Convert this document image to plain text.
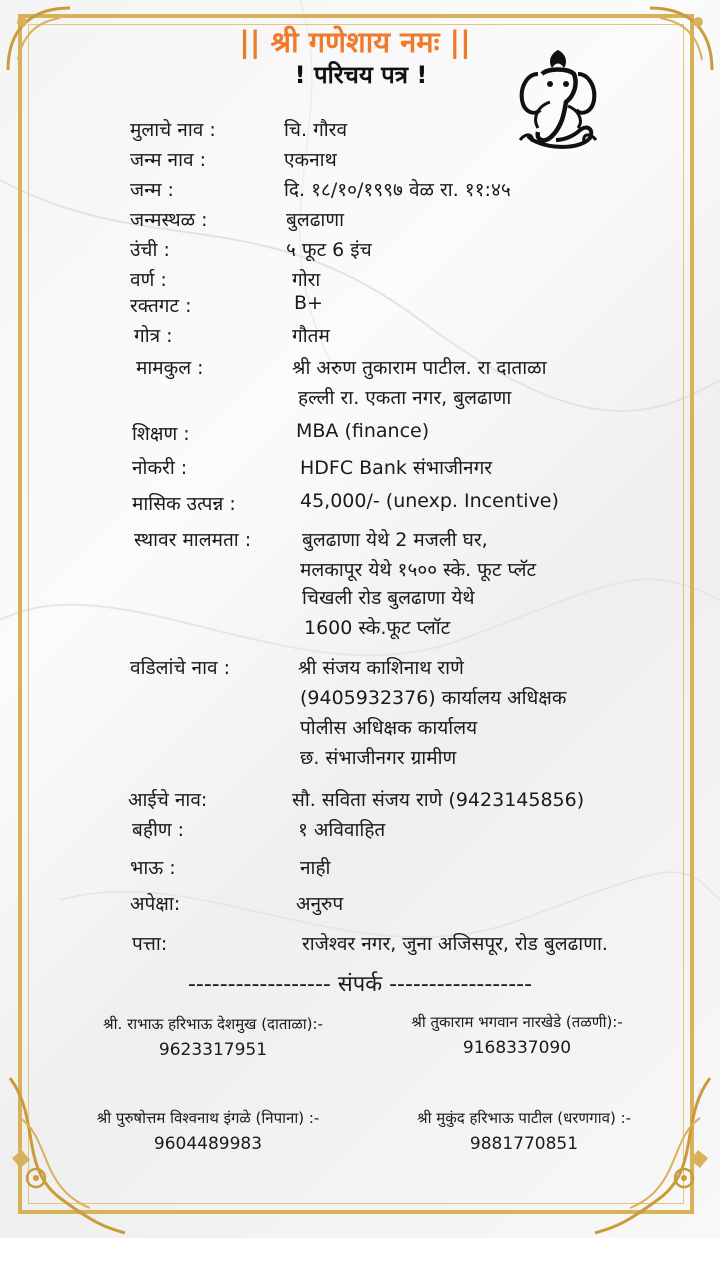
|| श्री गणेशाय नमः ||
! परिचय पत्र !
मुलाचे नाव :	चि. गौरव
जन्म नाव :	एकनाथ
जन्म :	दि. १८/१०/१९९७ वेळ रा. ११:४५
जन्मस्थळ :	बुलढाणा
उंची :	५ फूट 6 इंच
वर्ण :	गोरा
रक्तगट :	B+
गोत्र :	गौतम
मामकुल :	श्री अरुण तुकाराम पाटील. रा दाताळा
हल्ली रा. एकता नगर, बुलढाणा
शिक्षण :	MBA (finance)
नोकरी :	HDFC Bank संभाजीनगर
मासिक उत्पन्न :	45,000/- (unexp. Incentive)
स्थावर मालमता :	बुलढाणा येथे 2 मजली घर,
मलकापूर येथे १५०० स्के. फूट प्लॅट
चिखली रोड बुलढाणा येथे
1600 स्के.फूट प्लॉट
वडिलांचे नाव :	श्री संजय काशिनाथ राणे
(9405932376) कार्यालय अधिक्षक
पोलीस अधिक्षक कार्यालय
छ. संभाजीनगर ग्रामीण
आईचे नाव:	सौ. सविता संजय राणे (9423145856)
बहीण :	१ अविवाहित
भाऊ :	नाही
अपेक्षा:	अनुरुप
पत्ता:	राजेश्वर नगर, जुना अजिसपूर, रोड बुलढाणा.
------------------ संपर्क ------------------
श्री. राभाऊ हरिभाऊ देशमुख (दाताळा):-
9623317951
श्री तुकाराम भगवान नारखेडे (तळणी):-
9168337090
श्री पुरुषोत्तम विश्वनाथ इंगळे (निपाना) :-
9604489983
श्री मुकुंद हरिभाऊ पाटील (धरणगाव) :-
9881770851
